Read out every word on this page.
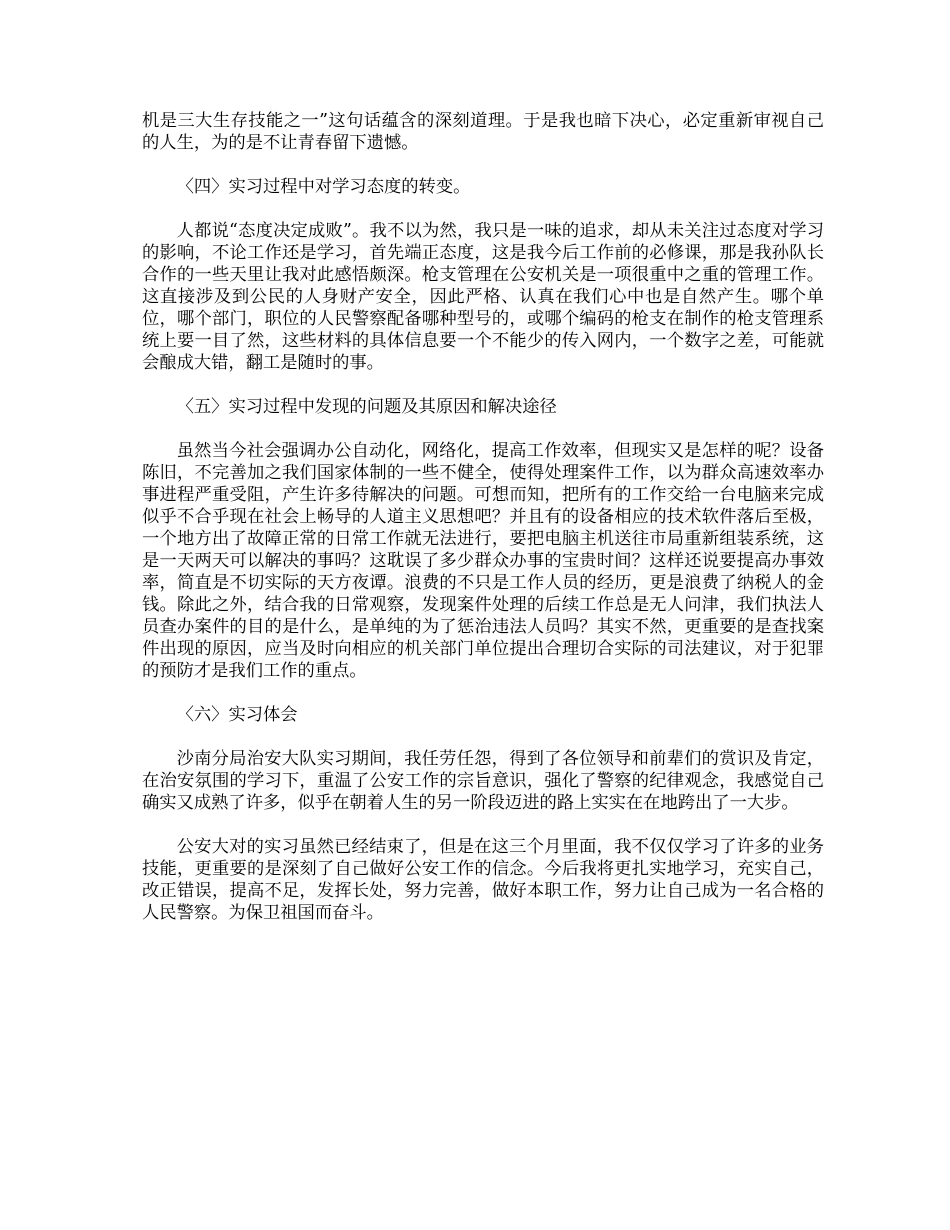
机是三大生存技能之一”这句话蕴含的深刻道理。于是我也暗下决心，必定重新审视自己的人生，为的是不让青春留下遗憾。

〈四〉实习过程中对学习态度的转变。

人都说“态度决定成败”。我不以为然，我只是一味的追求，却从未关注过态度对学习的影响，不论工作还是学习，首先端正态度，这是我今后工作前的必修课，那是我孙队长合作的一些天里让我对此感悟颇深。枪支管理在公安机关是一项很重中之重的管理工作。这直接涉及到公民的人身财产安全，因此严格、认真在我们心中也是自然产生。哪个单位，哪个部门，职位的人民警察配备哪种型号的，或哪个编码的枪支在制作的枪支管理系统上要一目了然，这些材料的具体信息要一个不能少的传入网内，一个数字之差，可能就会酿成大错，翻工是随时的事。

〈五〉实习过程中发现的问题及其原因和解决途径

虽然当今社会强调办公自动化，网络化，提高工作效率，但现实又是怎样的呢？设备陈旧，不完善加之我们国家体制的一些不健全，使得处理案件工作，以为群众高速效率办事进程严重受阻，产生许多待解决的问题。可想而知，把所有的工作交给一台电脑来完成似乎不合乎现在社会上畅导的人道主义思想吧？并且有的设备相应的技术软件落后至极，一个地方出了故障正常的日常工作就无法进行，要把电脑主机送往市局重新组装系统，这是一天两天可以解决的事吗？这耽误了多少群众办事的宝贵时间？这样还说要提高办事效率，简直是不切实际的天方夜谭。浪费的不只是工作人员的经历，更是浪费了纳税人的金钱。除此之外，结合我的日常观察，发现案件处理的后续工作总是无人问津，我们执法人员查办案件的目的是什么，是单纯的为了惩治违法人员吗？其实不然，更重要的是查找案件出现的原因，应当及时向相应的机关部门单位提出合理切合实际的司法建议，对于犯罪的预防才是我们工作的重点。

〈六〉实习体会

沙南分局治安大队实习期间，我任劳任怨，得到了各位领导和前辈们的赏识及肯定，在治安氛围的学习下，重温了公安工作的宗旨意识，强化了警察的纪律观念，我感觉自己确实又成熟了许多，似乎在朝着人生的另一阶段迈进的路上实实在在地跨出了一大步。

公安大对的实习虽然已经结束了，但是在这三个月里面，我不仅仅学习了许多的业务技能，更重要的是深刻了自己做好公安工作的信念。今后我将更扎实地学习，充实自己，改正错误，提高不足，发挥长处，努力完善，做好本职工作，努力让自己成为一名合格的人民警察。为保卫祖国而奋斗。
